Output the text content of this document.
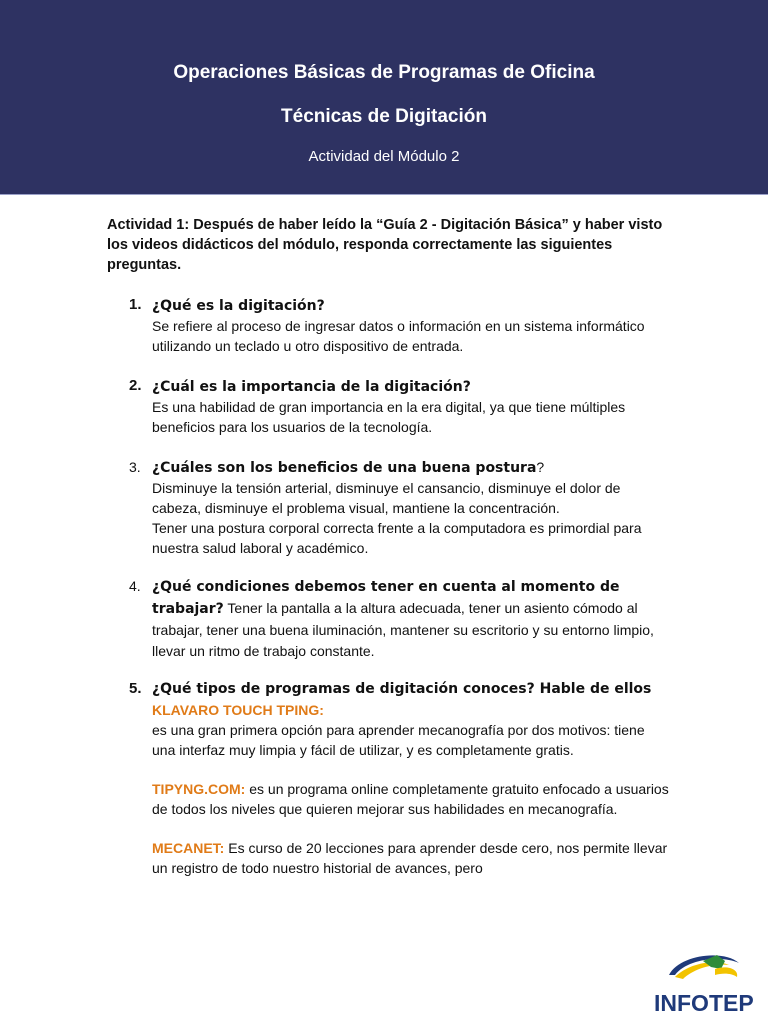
Operaciones Básicas de Programas de Oficina
Técnicas de Digitación
Actividad del Módulo 2
Actividad 1: Después de haber leído la “Guía 2 - Digitación Básica” y haber visto los videos didácticos del módulo, responda correctamente las siguientes preguntas.
1. ¿Qué es la digitación?
Se refiere al proceso de ingresar datos o información en un sistema informático utilizando un teclado u otro dispositivo de entrada.
2. ¿Cuál es la importancia de la digitación?
Es una habilidad de gran importancia en la era digital, ya que tiene múltiples beneficios para los usuarios de la tecnología.
3. ¿Cuáles son los beneficios de una buena postura?
Disminuye la tensión arterial, disminuye el cansancio, disminuye el dolor de cabeza, disminuye el problema visual, mantiene la concentración.
Tener una postura corporal correcta frente a la computadora es primordial para nuestra salud laboral y académico.
4. ¿Qué condiciones debemos tener en cuenta al momento de trabajar? Tener la pantalla a la altura adecuada, tener un asiento cómodo al trabajar, tener una buena iluminación, mantener su escritorio y su entorno limpio, llevar un ritmo de trabajo constante.
5. ¿Qué tipos de programas de digitación conoces? Hable de ellos
KLAVARO TOUCH TPING:
es una gran primera opción para aprender mecanografía por dos motivos: tiene una interfaz muy limpia y fácil de utilizar, y es completamente gratis.
TIPYNG.COM: es un programa online completamente gratuito enfocado a usuarios de todos los niveles que quieren mejorar sus habilidades en mecanografía.
MECANET: Es curso de 20 lecciones para aprender desde cero, nos permite llevar un registro de todo nuestro historial de avances, pero
INFOTEP
